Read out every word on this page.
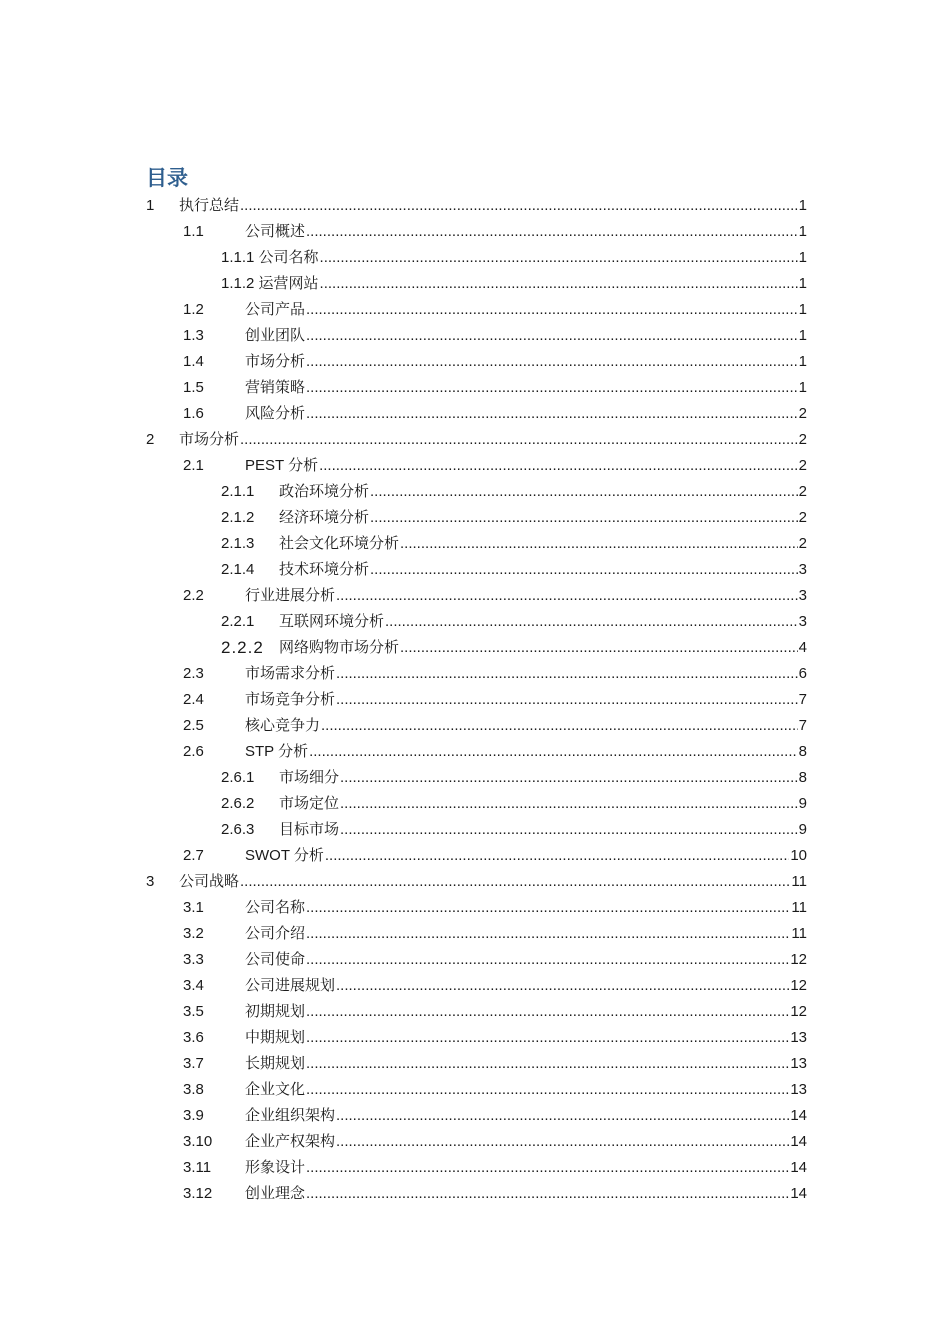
目录
1 执行总结 .....	1
1.1	公司概述 .....	1
1.1.1 公司名称 .....	1
1.1.2 运营网站 .....	1
1.2	公司产品 .....	1
1.3	创业团队 .....	1
1.4	市场分析 .....	1
1.5	营销策略 .....	1
1.6	风险分析 .....	2
2 市场分析 .....	2
2.1	PEST 分析 .....	2
2.1.1 政治环境分析 .....	2
2.1.2 经济环境分析 .....	2
2.1.3 社会文化环境分析 .....	2
2.1.4 技术环境分析 .....	3
2.2	行业进展分析 .....	3
2.2.1 互联网环境分析 .....	3
2.2.2 网络购物市场分析 .....	4
2.3	市场需求分析 .....	6
2.4	市场竞争分析 .....	7
2.5	核心竞争力 .....	7
2.6	STP 分析 .....	8
2.6.1 市场细分 .....	8
2.6.2 市场定位 .....	9
2.6.3 目标市场 .....	9
2.7	SWOT 分析 .....	10
3 公司战略 .....	11
3.1	公司名称 .....	11
3.2	公司介绍 .....	11
3.3	公司使命 .....	12
3.4	公司进展规划 .....	12
3.5	初期规划 .....	12
3.6	中期规划 .....	13
3.7	长期规划 .....	13
3.8	企业文化 .....	13
3.9	企业组织架构 .....	14
3.10 企业产权架构 .....	14
3.11 形象设计 .....	14
3.12 创业理念 .....	14
